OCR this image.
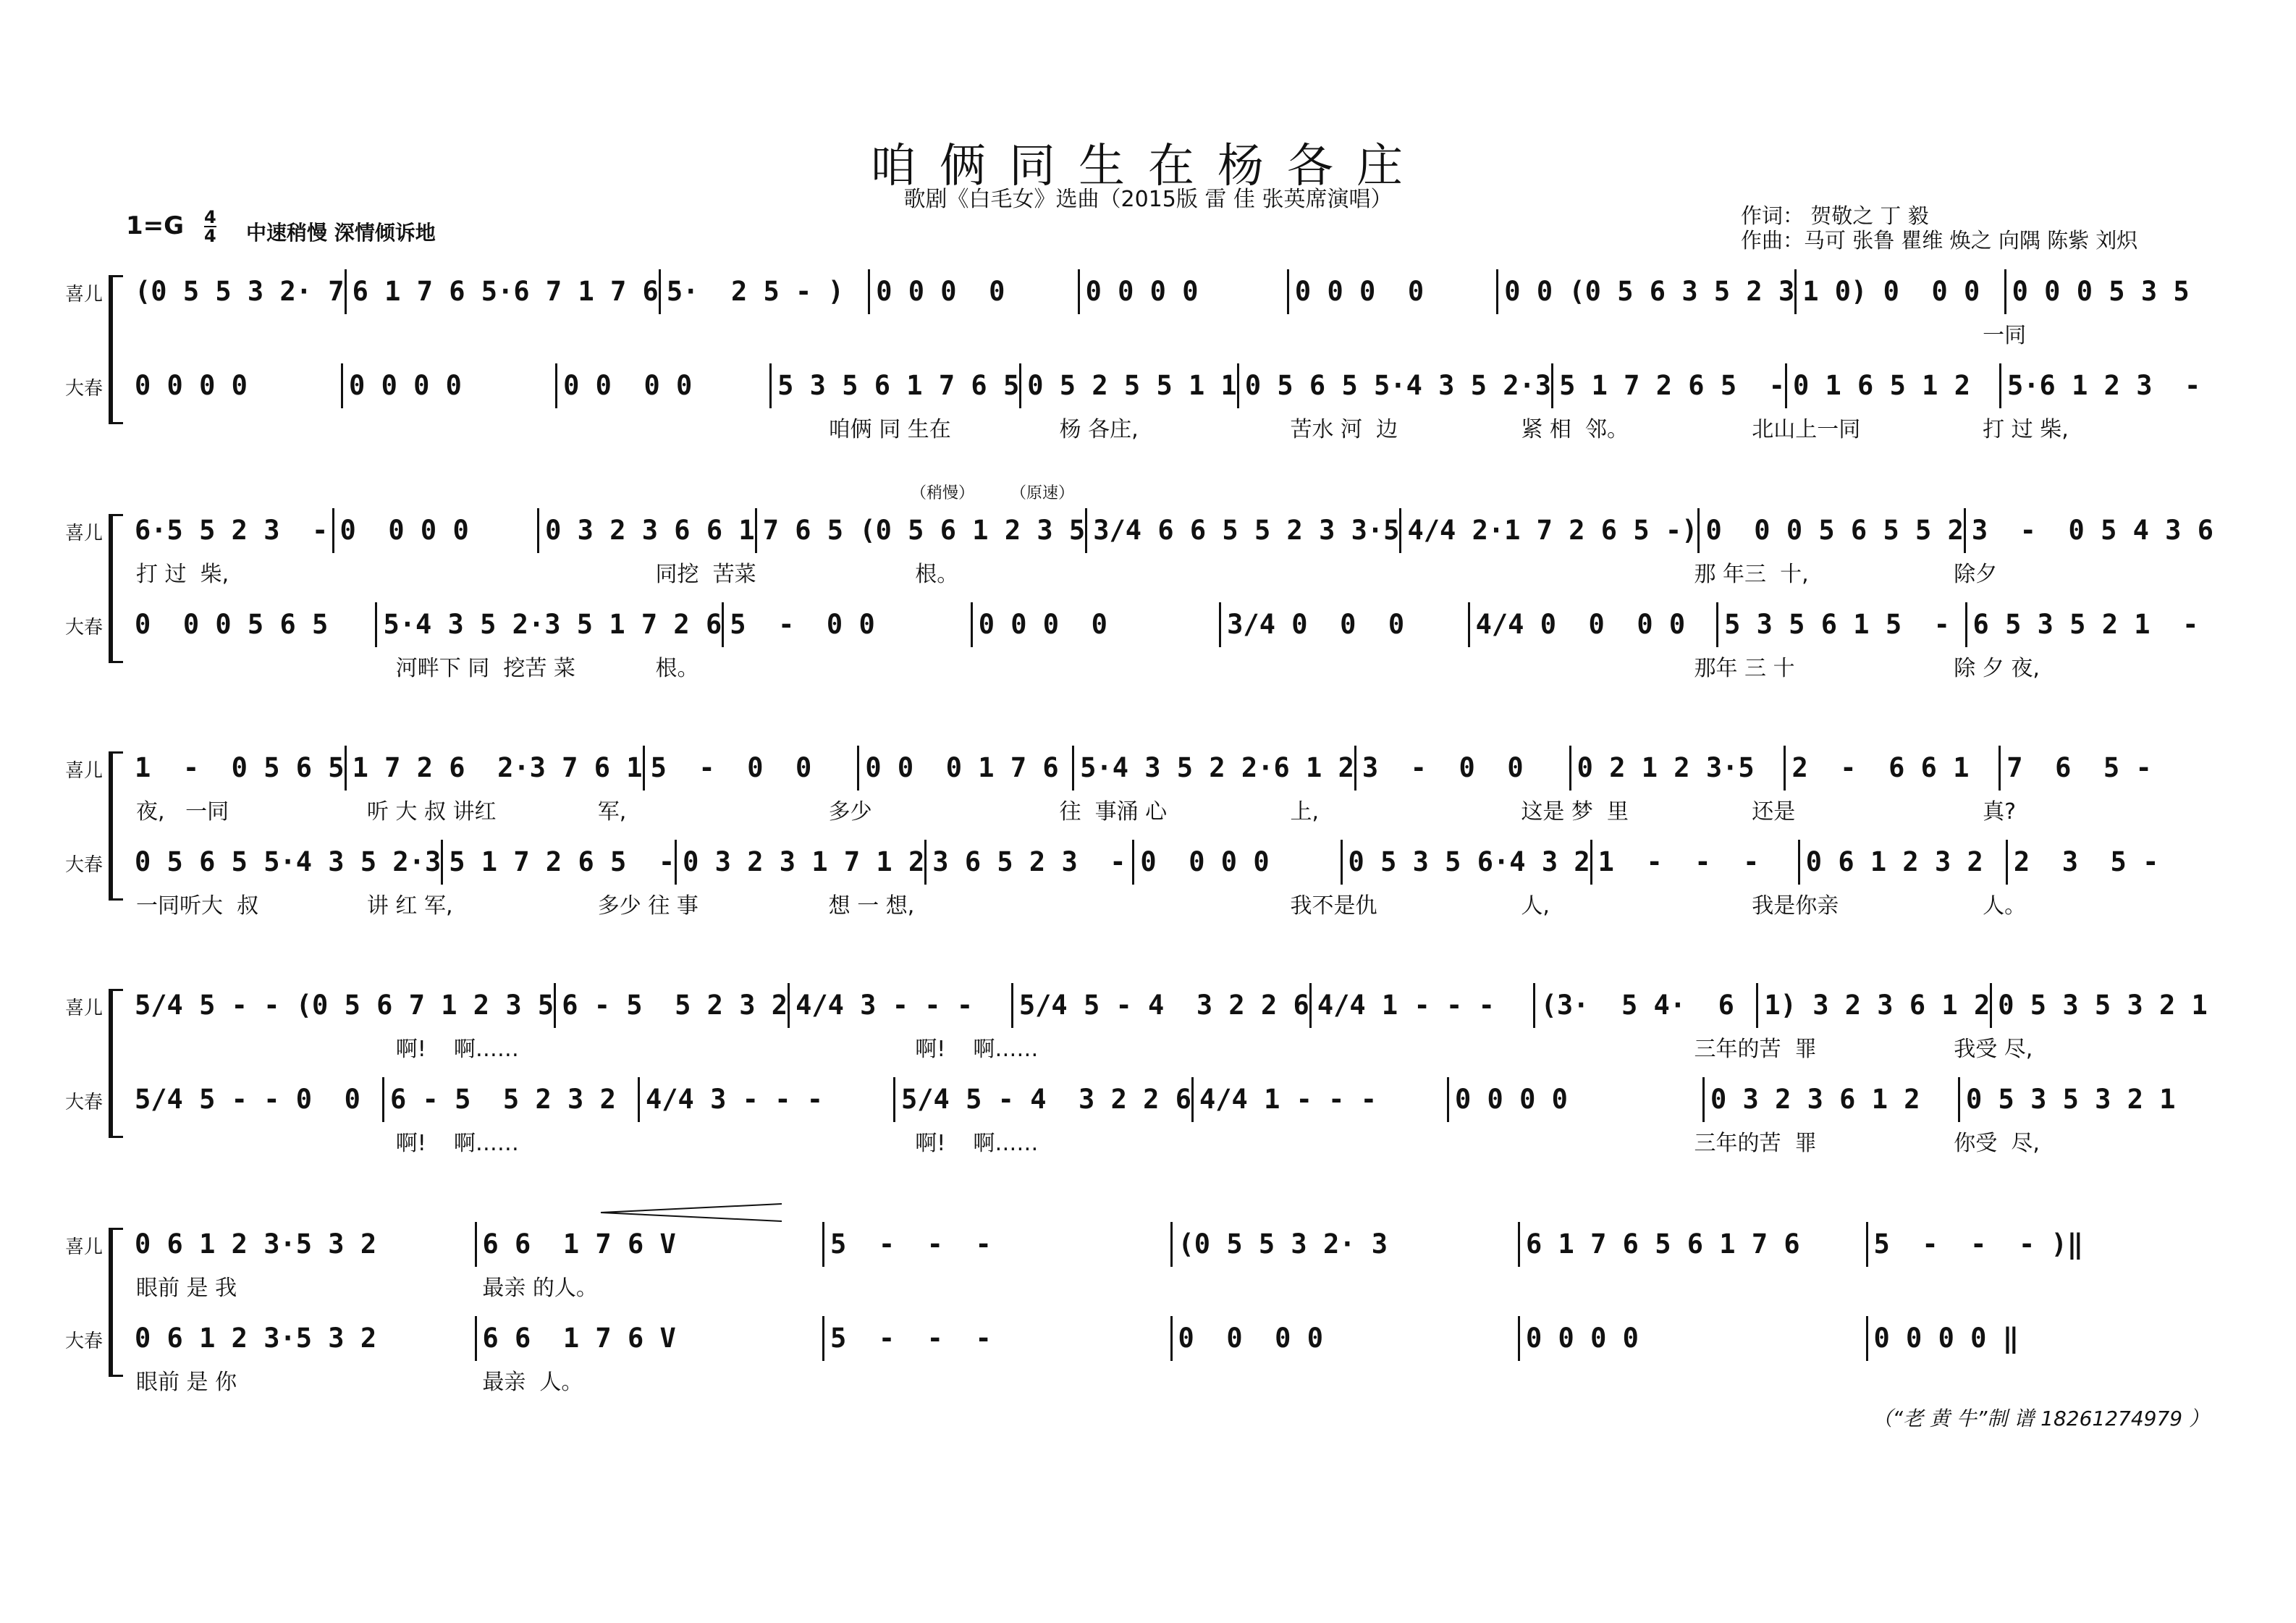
咱俩同生在杨各庄
歌剧《白毛女》选曲（2015版 雷 佳 张英席演唱）
作词： 贺敬之 丁 毅
作曲：马可 张鲁 瞿维 焕之 向隅 陈紫 刘炽
1=G 4
4 中速稍慢 深情倾诉地
（稍慢） （原速）
喜儿 (0 5 5 3 2· 7 6 1 7 6 5·6 7 1 7 6 5·  2 5 - )	0 0 0  0	0 0 0 0	0 0 0  0	0 0 (0 5 6 3 5 2 3 1 0) 0  0 0	0 0 0 5 3 5
一同
大春 0 0 0 0	0 0 0 0	0 0  0 0	5 3 5 6 1 7 6 5 0 5 2 5 5 1 1 0 5 6 5 5·4 3 5 2·3 5 1 7 2 6 5  - 0 1 6 5 1 2	5·6 1 2 3  -
咱俩 同 生在	杨 各庄,	苦水 河  边	紧 相  邻。	北山上一同	打 过 柴,
喜儿 6·5 5 2 3  - 0  0 0 0	0 3 2 3 6 6 1 7 6 5 (0 5 6 1 2 3 5 3/4 6 6 5 5 2 3 3·5 4/4 2·1 7 2 6 5 -) 0  0 0 5 6 5 5 2 3  -  0 5 4 3 6
打 过  柴,	同挖  苦菜	根。	那 年三  十,	除夕
大春 0  0 0 5 6 5	5·4 3 5 2·3 5 1 7 2 6 5  -  0 0	0 0 0  0	3/4 0  0  0	4/4 0  0  0 0	5 3 5 6 1 5  - 6 5 3 5 2 1  -
河畔下 同  挖苦 菜	根。	那年 三 十	除 夕 夜,
喜儿 1  -  0 5 6 5 1 7 2 6  2·3 7 6 1 5  -  0  0	0 0  0 1 7 6 5·4 3 5 2 2·6 1 2 3  -  0  0	0 2 1 2 3·5	2  -  6 6 1	7  6  5 -
夜,   一同	听 大 叔 讲红	军,	多少	往  事涌 心	上,	这是 梦  里	还是	真?
大春 0 5 6 5 5·4 3 5 2·3 5 1 7 2 6 5  - 0 3 2 3 1 7 1 2 3 6 5 2 3  - 0  0 0 0	0 5 3 5 6·4 3 2 1  -  -  -	0 6 1 2 3 2	2  3  5 -
一同听大  叔	讲 红 军,	多少 往 事	想 一 想,	我不是仇	人,	我是你亲	人。
喜儿 5/4 5 - - (0 5 6 7 1 2 3 5 6 - 5  5 2 3 2 4/4 3 - - -	5/4 5 - 4  3 2 2 6 4/4 1 - - -	(3·  5 4·  6	1) 3 2 3 6 1 2 0 5 3 5 3 2 1
啊!    啊……	啊!    啊……	三年的苦  罪	我受 尽,
大春 5/4 5 - - 0  0	6 - 5  5 2 3 2	4/4 3 - - -	5/4 5 - 4  3 2 2 6 4/4 1 - - -	0 0 0 0	0 3 2 3 6 1 2	0 5 3 5 3 2 1
啊!    啊……	啊!    啊……	三年的苦  罪	你受  尽,
喜儿 0 6 1 2 3·5 3 2	6 6  1 7 6 V	5  -  -  -	(0 5 5 3 2· 3	6 1 7 6 5 6 1 7 6	5  -  -  - )‖
眼前 是 我	最亲 的人。
大春 0 6 1 2 3·5 3 2	6 6  1 7 6 V	5  -  -  -	0  0  0 0	0 0 0 0	0 0 0 0 ‖
眼前 是 你	最亲  人。
（“老 黄 牛”制 谱 18261274979 ）
